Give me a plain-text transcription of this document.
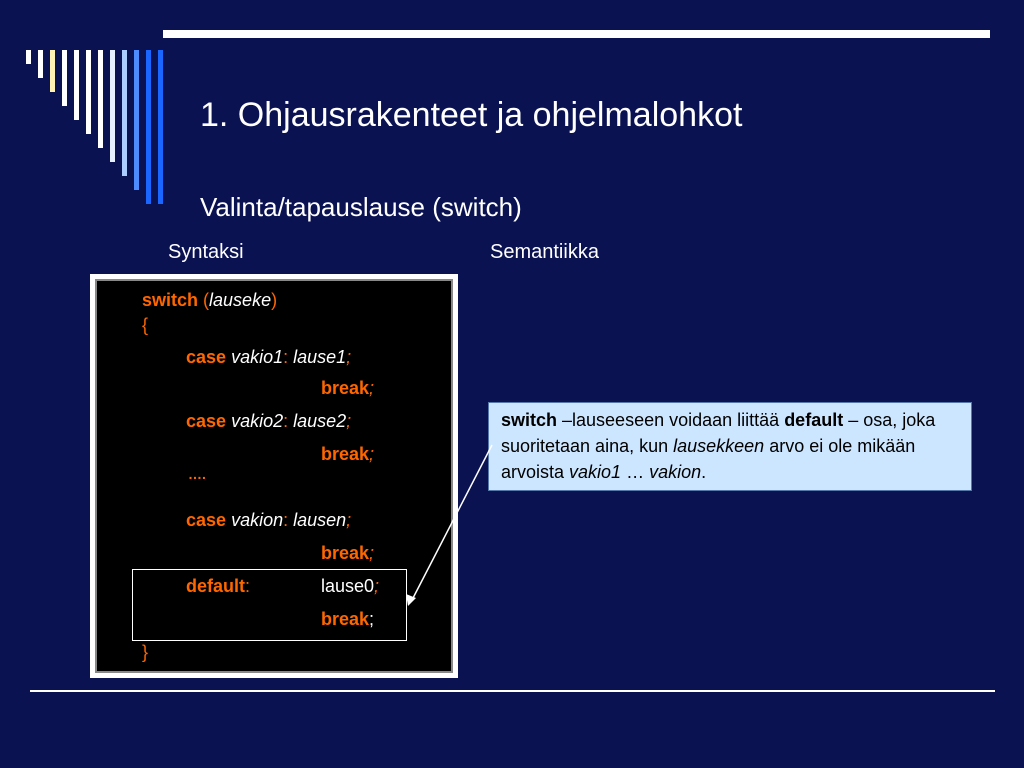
1. Ohjausrakenteet ja ohjelmalohkot
Valinta/tapauslause (switch)
Syntaksi	Semantiikka
switch (lauseke)
{
case vakio1: lause1;
break;
case vakio2: lause2;
break;
….
case vakion: lausen;
break;
default:	lause0;
break;
}
switch –lauseeseen voidaan liittää default – osa, joka suoritetaan aina, kun lausekkeen arvo ei ole mikään arvoista vakio1 … vakion.
